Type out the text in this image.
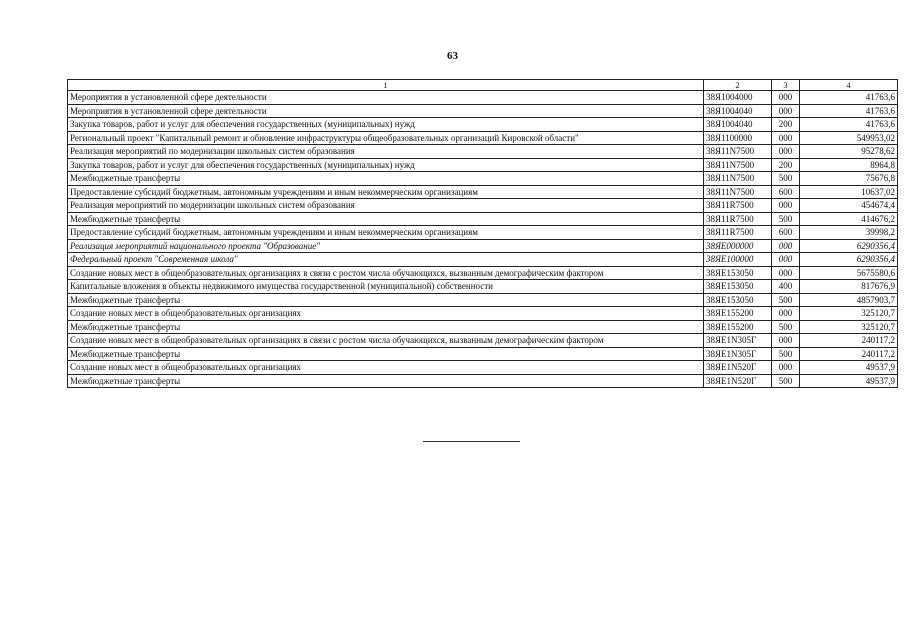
63
1	2	3	4
Мероприятия в установленной сфере деятельности	38Я1004000	000	41763,6
Мероприятия в установленной сфере деятельности	38Я1004040	000	41763,6
Закупка товаров, работ и услуг для обеспечения государственных (муниципальных) нужд	38Я1004040	200	41763,6
Региональный проект "Капитальный ремонт и обновление инфраструктуры общеобразовательных организаций Кировской области"	38Я1100000	000	549953,02
Реализация мероприятий по модернизации школьных систем образования	38Я11N7500	000	95278,62
Закупка товаров, работ и услуг для обеспечения государственных (муниципальных) нужд	38Я11N7500	200	8964,8
Межбюджетные трансферты	38Я11N7500	500	75676,8
Предоставление субсидий бюджетным, автономным учреждениям и иным некоммерческим организациям	38Я11N7500	600	10637,02
Реализация мероприятий по модернизации школьных систем образования	38Я11R7500	000	454674,4
Межбюджетные трансферты	38Я11R7500	500	414676,2
Предоставление субсидий бюджетным, автономным учреждениям и иным некоммерческим организациям	38Я11R7500	600	39998,2
Реализация мероприятий национального проекта "Образование"	38ЯЕ000000	000	6290356,4
Федеральный проект "Современная школа"	38ЯЕ100000	000	6290356,4
Создание новых мест в общеобразовательных организациях в связи с ростом числа обучающихся, вызванным демографическим фактором	38ЯЕ153050	000	5675580,6
Капитальные вложения в объекты недвижимого имущества государственной (муниципальной) собственности	38ЯЕ153050	400	817676,9
Межбюджетные трансферты	38ЯЕ153050	500	4857903,7
Создание новых мест в общеобразовательных организациях	38ЯЕ155200	000	325120,7
Межбюджетные трансферты	38ЯЕ155200	500	325120,7
Создание новых мест в общеобразовательных организациях в связи с ростом числа обучающихся, вызванным демографическим фактором	38ЯЕ1N305Г	000	240117,2
Межбюджетные трансферты	38ЯЕ1N305Г	500	240117,2
Создание новых мест в общеобразовательных организациях	38ЯЕ1N520Г	000	49537,9
Межбюджетные трансферты	38ЯЕ1N520Г	500	49537,9
